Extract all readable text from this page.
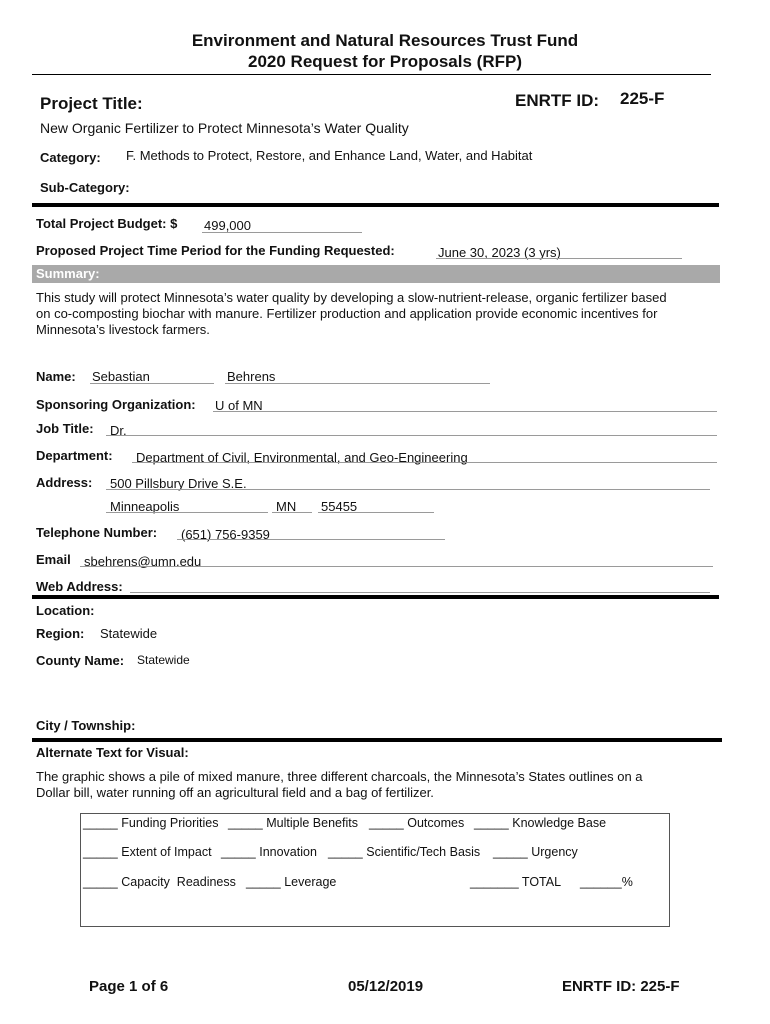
Environment and Natural Resources Trust Fund
2020 Request for Proposals (RFP)
Project Title:	ENRTF ID: 225-F
New Organic Fertilizer to Protect Minnesota’s Water Quality
Category: F. Methods to Protect, Restore, and Enhance Land, Water, and Habitat
Sub-Category:
Total Project Budget: $ 499,000
Proposed Project Time Period for the Funding Requested:	June 30, 2023 (3 yrs)
Summary:
This study will protect Minnesota’s water quality by developing a slow-nutrient-release, organic fertilizer based
on co-composting biochar with manure. Fertilizer production and application provide economic incentives for
Minnesota’s livestock farmers.
Name: Sebastian	Behrens
Sponsoring Organization: U of MN
Job Title: Dr.
Department: Department of Civil, Environmental, and Geo-Engineering
Address: 500 Pillsbury Drive S.E.
Minneapolis	MN 55455
Telephone Number: (651) 756-9359
Email sbehrens@umn.edu
Web Address:
Location:
Region: Statewide
County Name: Statewide
City / Township:
Alternate Text for Visual:
The graphic shows a pile of mixed manure, three different charcoals, the Minnesota’s States outlines on a
Dollar bill, water running off an agricultural field and a bag of fertilizer.
_____ Funding Priorities _____ Multiple Benefits _____ Outcomes _____ Knowledge Base
_____ Extent of Impact _____ Innovation _____ Scientific/Tech Basis _____ Urgency
_____ Capacity  Readiness _____ Leverage	_______ TOTAL ______%
Page 1 of 6	05/12/2019	ENRTF ID: 225-F
